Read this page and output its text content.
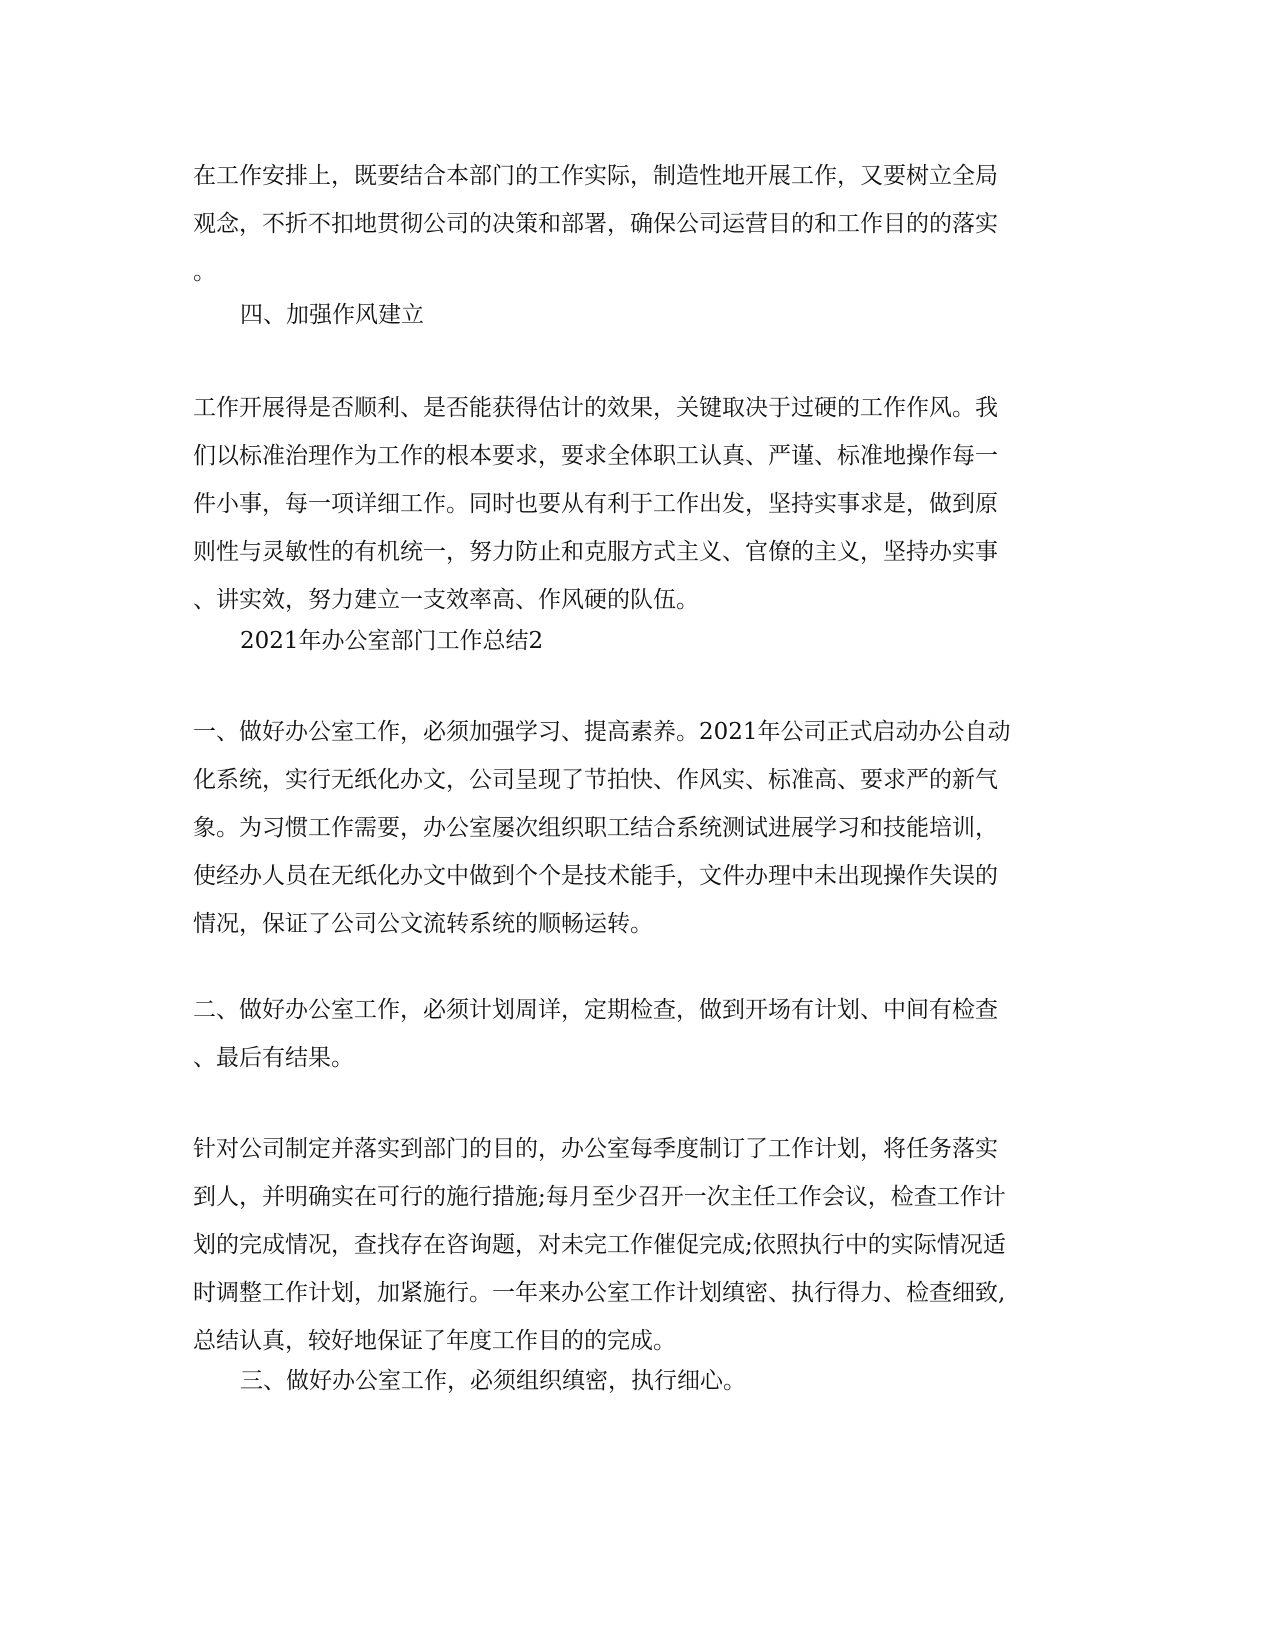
在工作安排上，既要结合本部门的工作实际，制造性地开展工作，又要树立全局
观念，不折不扣地贯彻公司的决策和部署，确保公司运营目的和工作目的的落实
。
四、加强作风建立
工作开展得是否顺利、是否能获得估计的效果，关键取决于过硬的工作作风。我
们以标准治理作为工作的根本要求，要求全体职工认真、严谨、标准地操作每一
件小事，每一项详细工作。同时也要从有利于工作出发，坚持实事求是，做到原
则性与灵敏性的有机统一，努力防止和克服方式主义、官僚的主义，坚持办实事
、讲实效，努力建立一支效率高、作风硬的队伍。
2021年办公室部门工作总结2
一、做好办公室工作，必须加强学习、提高素养。2021年公司正式启动办公自动
化系统，实行无纸化办文，公司呈现了节拍快、作风实、标准高、要求严的新气
象。为习惯工作需要，办公室屡次组织职工结合系统测试进展学习和技能培训，
使经办人员在无纸化办文中做到个个是技术能手，文件办理中未出现操作失误的
情况，保证了公司公文流转系统的顺畅运转。
二、做好办公室工作，必须计划周详，定期检查，做到开场有计划、中间有检查
、最后有结果。
针对公司制定并落实到部门的目的，办公室每季度制订了工作计划，将任务落实
到人，并明确实在可行的施行措施;每月至少召开一次主任工作会议，检查工作计
划的完成情况，查找存在咨询题，对未完工作催促完成;依照执行中的实际情况适
时调整工作计划，加紧施行。一年来办公室工作计划缜密、执行得力、检查细致,
总结认真，较好地保证了年度工作目的的完成。
三、做好办公室工作，必须组织缜密，执行细心。
